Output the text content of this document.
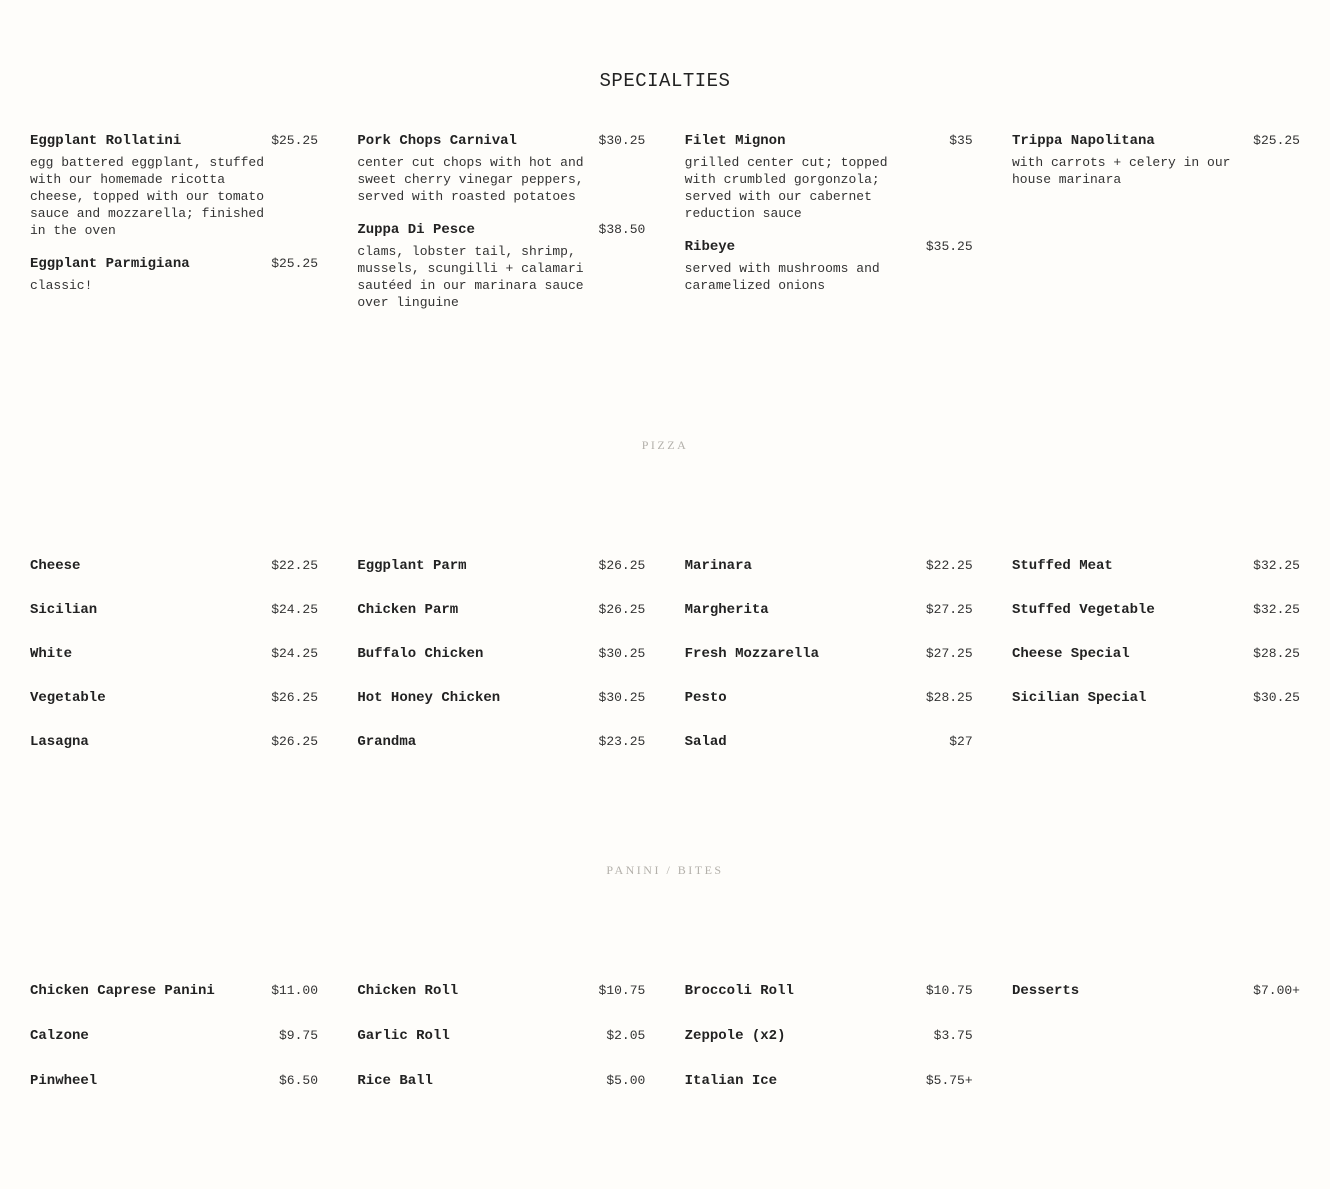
SPECIALTIES
Eggplant Rollatini	$25.25
egg battered eggplant, stuffed with our homemade ricotta cheese, topped with our tomato sauce and mozzarella; finished in the oven
Eggplant Parmigiana	$25.25
classic!
Pork Chops Carnival	$30.25
center cut chops with hot and sweet cherry vinegar peppers, served with roasted potatoes
Zuppa Di Pesce	$38.50
clams, lobster tail, shrimp, mussels, scungilli + calamari sautéed in our marinara sauce over linguine
Filet Mignon	$35
grilled center cut; topped with crumbled gorgonzola; served with our cabernet reduction sauce
Ribeye	$35.25
served with mushrooms and caramelized onions
Trippa Napolitana	$25.25
with carrots + celery in our house marinara
PIZZA
Cheese	$22.25
Sicilian	$24.25
White	$24.25
Vegetable	$26.25
Lasagna	$26.25
Eggplant Parm	$26.25
Chicken Parm	$26.25
Buffalo Chicken	$30.25
Hot Honey Chicken	$30.25
Grandma	$23.25
Marinara	$22.25
Margherita	$27.25
Fresh Mozzarella	$27.25
Pesto	$28.25
Salad	$27
Stuffed Meat	$32.25
Stuffed Vegetable	$32.25
Cheese Special	$28.25
Sicilian Special	$30.25
PANINI / BITES
Chicken Caprese Panini	$11.00
Calzone	$9.75
Pinwheel	$6.50
Chicken Roll	$10.75
Garlic Roll	$2.05
Rice Ball	$5.00
Broccoli Roll	$10.75
Zeppole (x2)	$3.75
Italian Ice	$5.75+
Desserts	$7.00+
